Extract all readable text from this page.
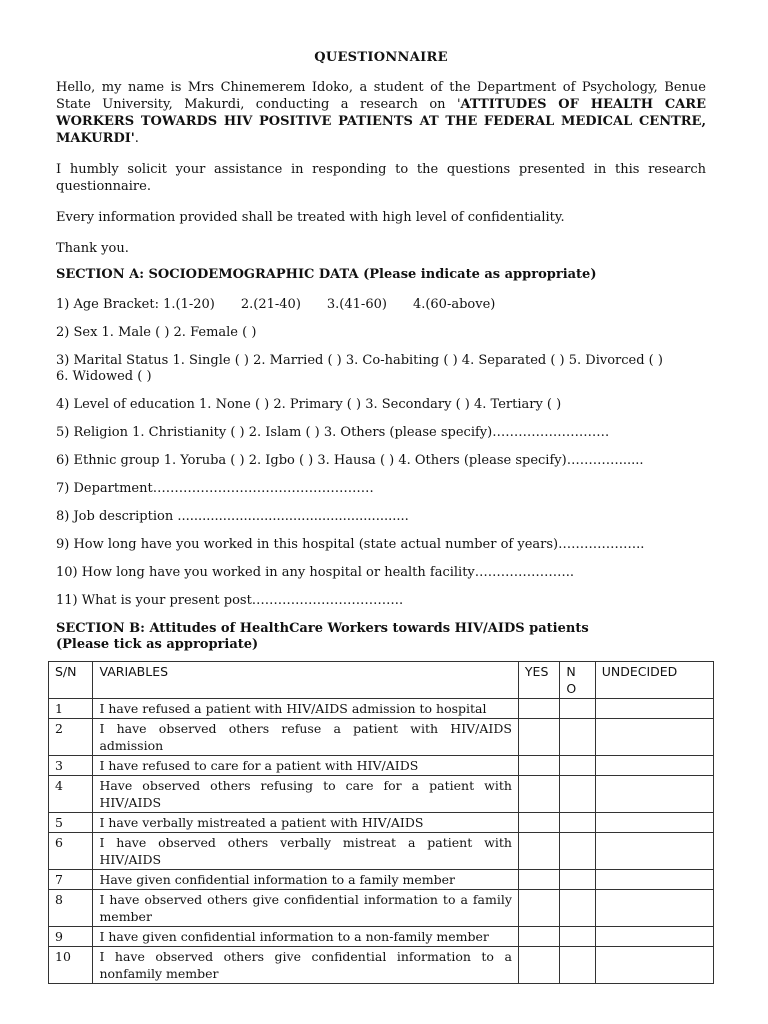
QUESTIONNAIRE

Hello, my name is Mrs Chinemerem Idoko, a student of the Department of Psychology, Benue State University, Makurdi, conducting a research on 'ATTITUDES OF HEALTH CARE WORKERS TOWARDS HIV POSITIVE PATIENTS AT THE FEDERAL MEDICAL CENTRE, MAKURDI'.

I humbly solicit your assistance in responding to the questions presented in this research questionnaire.

Every information provided shall be treated with high level of confidentiality.

Thank you.

SECTION A: SOCIODEMOGRAPHIC DATA (Please indicate as appropriate)
1) Age Bracket: 1.(1-20) 2.(21-40) 3.(41-60) 4.(60-above)
2) Sex 1. Male ( ) 2. Female ( )
3) Marital Status 1. Single ( ) 2. Married ( ) 3. Co-habiting ( ) 4. Separated ( ) 5. Divorced ( )
6. Widowed ( )
4) Level of education 1. None ( ) 2. Primary ( ) 3. Secondary ( ) 4. Tertiary ( )
5) Religion 1. Christianity ( ) 2. Islam ( ) 3. Others (please specify)………………………
6) Ethnic group 1. Yoruba ( ) 2. Igbo ( ) 3. Hausa ( ) 4. Others (please specify)…………......
7) Department……………………………………………
8) Job description ........................................................
9) How long have you worked in this hospital (state actual number of years)………………..
10) How long have you worked in any hospital or health facility…………………..
11) What is your present post……………………………..
SECTION B: Attitudes of HealthCare Workers towards HIV/AIDS patients
(Please tick as appropriate)
S/N	VARIABLES	YES	N O	UNDECIDED
1	I have refused a patient with HIV/AIDS admission to hospital			
2	I have observed others refuse a patient with HIV/AIDS admission			
3	I have refused to care for a patient with HIV/AIDS			
4	Have observed others refusing to care for a patient with HIV/AIDS			
5	I have verbally mistreated a patient with HIV/AIDS			
6	I have observed others verbally mistreat a patient with HIV/AIDS			
7	Have given confidential information to a family member			
8	I have observed others give confidential information to a family member			
9	I have given confidential information to a non-family member			
10	I have observed others give confidential information to a nonfamily member			
